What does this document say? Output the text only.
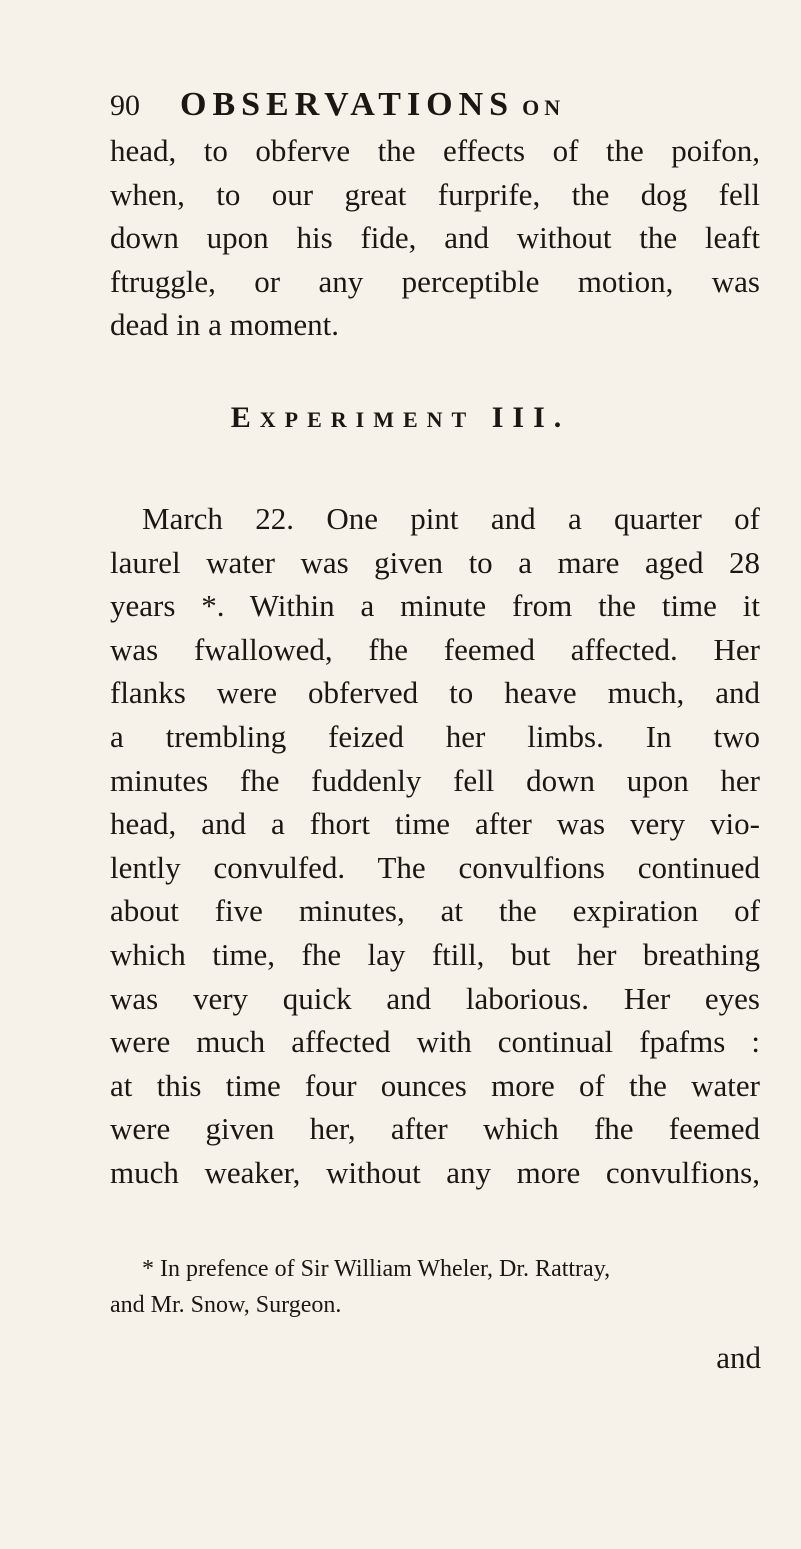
90 OBSERVATIONS ON
head, to obferve the effects of the poifon,
when, to our great furprife, the dog fell
down upon his fide, and without the leaft
ftruggle, or any perceptible motion, was
dead in a moment.
EXPERIMENT III.
March 22. One pint and a quarter of
laurel water was given to a mare aged 28
years *. Within a minute from the time it
was fwallowed, fhe feemed affected. Her
flanks were obferved to heave much, and
a trembling feized her limbs. In two
minutes fhe fuddenly fell down upon her
head, and a fhort time after was very vio-
lently convulfed. The convulfions continued
about five minutes, at the expiration of
which time, fhe lay ftill, but her breathing
was very quick and laborious. Her eyes
were much affected with continual fpafms :
at this time four ounces more of the water
were given her, after which fhe feemed
much weaker, without any more convulfions,
* In prefence of Sir William Wheler, Dr. Rattray,
and Mr. Snow, Surgeon.
and
